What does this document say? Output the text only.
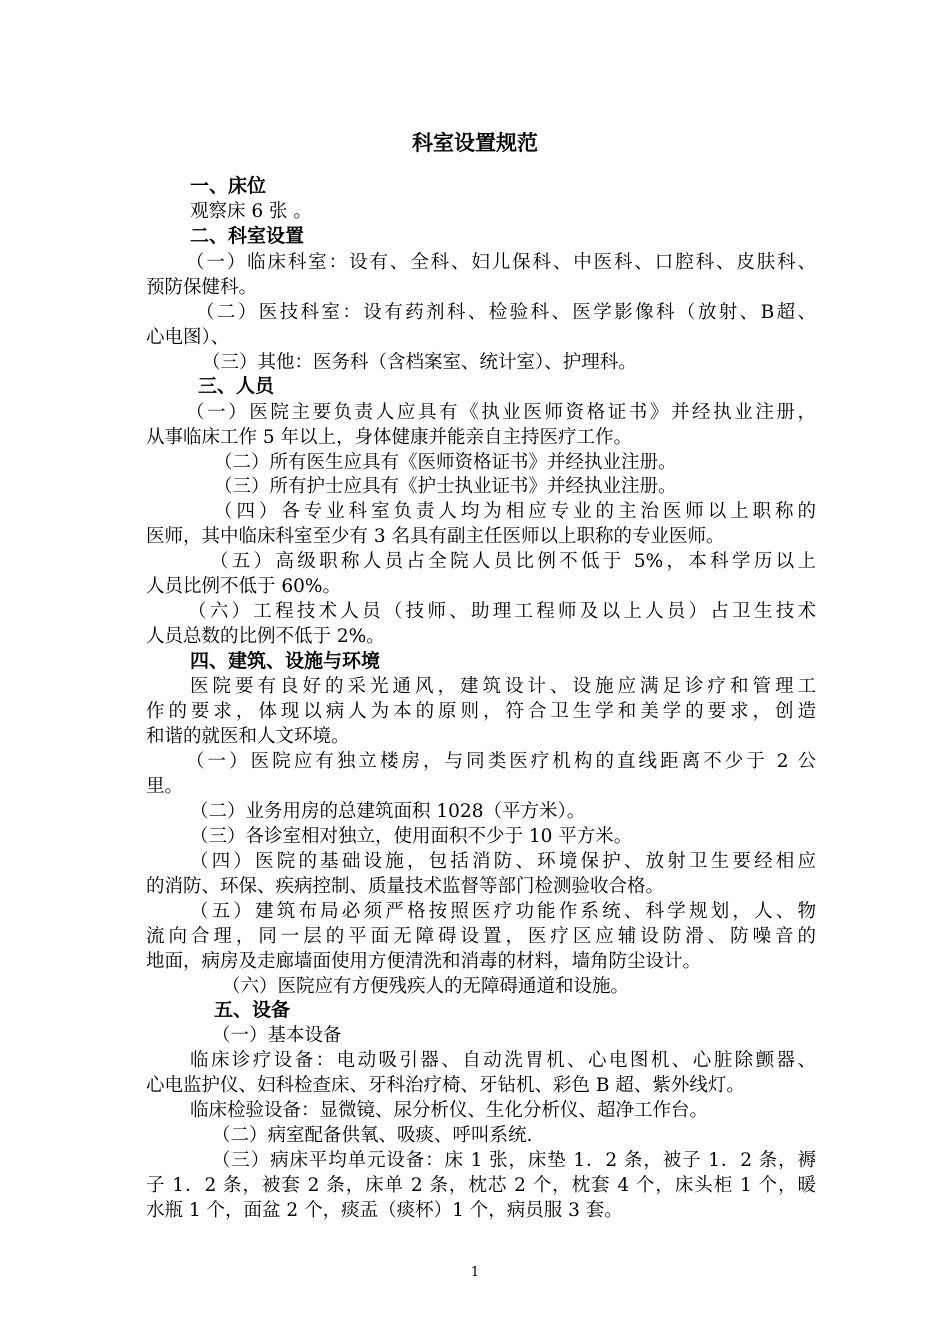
科室设置规范
一、床位
观察床 6 张 。
二、科室设置
（一）临床科室：设有、全科、妇儿保科、中医科、口腔科、皮肤科、
预防保健科。
（二）医技科室：设有药剂科、检验科、医学影像科（放射、B超、
心电图）、
（三）其他：医务科（含档案室、统计室）、护理科。
三、人员
（一）医院主要负责人应具有《执业医师资格证书》并经执业注册，
从事临床工作 5 年以上，身体健康并能亲自主持医疗工作。
（二）所有医生应具有《医师资格证书》并经执业注册。
（三）所有护士应具有《护士执业证书》并经执业注册。
（四）各专业科室负责人均为相应专业的主治医师以上职称的
医师，其中临床科室至少有 3 名具有副主任医师以上职称的专业医师。
（五）高级职称人员占全院人员比例不低于 5%，本科学历以上
人员比例不低于 60%。
（六）工程技术人员（技师、助理工程师及以上人员）占卫生技术
人员总数的比例不低于 2%。
四、建筑、设施与环境
医院要有良好的采光通风，建筑设计、设施应满足诊疗和管理工
作的要求，体现以病人为本的原则，符合卫生学和美学的要求，创造
和谐的就医和人文环境。
（一）医院应有独立楼房，与同类医疗机构的直线距离不少于 2 公
里。
（二）业务用房的总建筑面积 1028（平方米）。
（三）各诊室相对独立，使用面积不少于 10 平方米。
（四）医院的基础设施，包括消防、环境保护、放射卫生要经相应
的消防、环保、疾病控制、质量技术监督等部门检测验收合格。
（五）建筑布局必须严格按照医疗功能作系统、科学规划，人、物
流向合理，同一层的平面无障碍设置，医疗区应辅设防滑、防噪音的
地面，病房及走廊墙面使用方便清洗和消毒的材料，墙角防尘设计。
（六）医院应有方便残疾人的无障碍通道和设施。
五、设备
（一）基本设备
临床诊疗设备：电动吸引器、自动洗胃机、心电图机、心脏除颤器、
心电监护仪、妇科检查床、牙科治疗椅、牙钻机、彩色 B 超、紫外线灯。
临床检验设备：显微镜、尿分析仪、生化分析仪、超净工作台。
（二）病室配备供氧、吸痰、呼叫系统.
（三）病床平均单元设备：床 1 张，床垫 1．2 条，被子 1．2 条，褥
子 1．2 条，被套 2 条，床单 2 条，枕芯 2 个，枕套 4 个，床头柜 1 个，暖
水瓶 1 个，面盆 2 个，痰盂（痰杯）1 个，病员服 3 套。
1
